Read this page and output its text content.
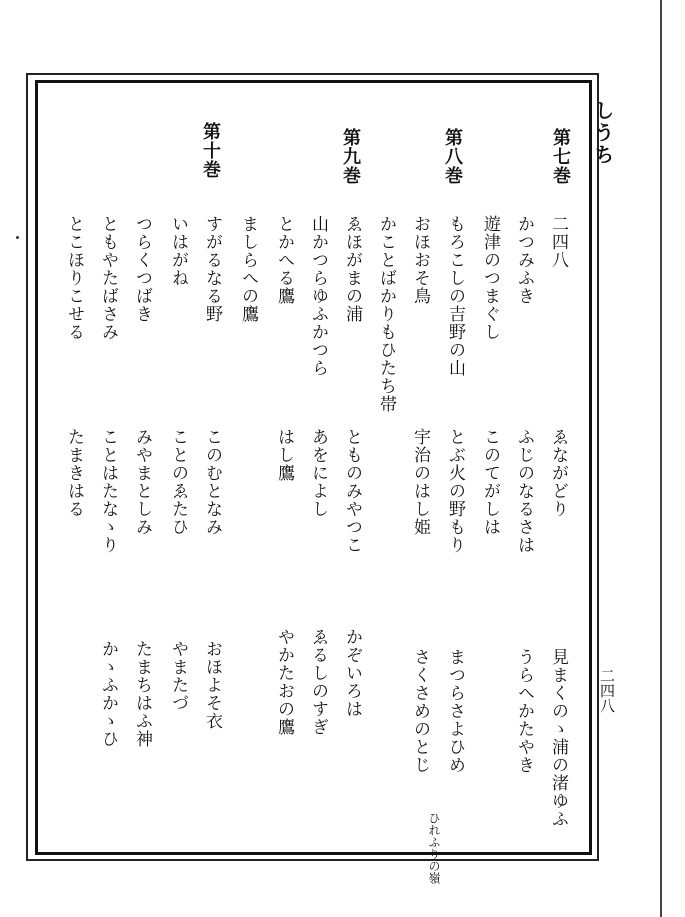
しうち
二四八
第七巻
第八巻
第九巻
第十巻
二四八
かつみふき
遊津のつまぐし
もろこしの吉野の山
おほおそ鳥
かことばかりもひたち帯
ゑほがまの浦
山かつらゆふかつら
とかへる鷹
ましらへの鷹
すがるなる野
いはがね
つらくつばき
ともやたばさみ
とこほりこせる
ゑながどり
ふじのなるさは
このてがしは
とぶ火の野もり
宇治のはし姫
とものみやつこ
あをによし
はし鷹
このむとなみ
ことのゑたひ
みやまとしみ
ことはたなゝり
たまきはる
見まくのゝ浦の渚ゆふ
うらへかたやき
まつらさよひめ
ひれふりの嶺
さくさめのとじ
かぞいろは
ゑるしのすぎ
やかたおの鷹
おほよそ衣
やまたづ
たまちはふ神
かゝふかゝひ
